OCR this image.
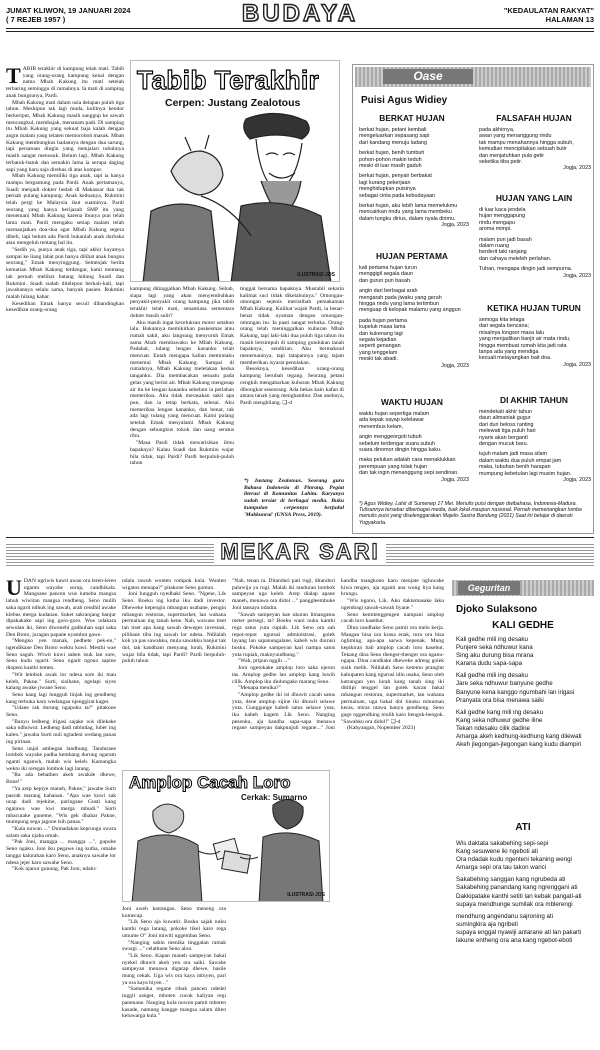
JUMAT KLIWON, 19 JANUARI 2024
( 7 REJEB 1957 )	BUDAYA	"KEDAULATAN RAKYAT"
HALAMAN 13
T ABIB terakhir di kampung telah mati. Tabib yang orang-orang kampung kenal dengan nama Mbah Kakung itu mati setelah terbaring seminggu di rumahnya. Ia mati di samping anak bungsunya, Pardi.

Mbah Kakung mati dalam usia delapan puluh tiga tahun. Meskipun tak lagi muda, kulitnya kendor berkeriput, Mbah Kakung masih sanggup ke sawah mencangkul, membajak, menanam padi. Di samping itu Mbah Kakung yang sekuat baja kalah dengan angin malam yang telaten memoroboh masuk. Mbah Kakung membungkus badannya dengan dua sarung, tapi persatuan dingin yang menjalari tubuhnya masih sangat menusuk. Belum lagi, Mbah Kakung terbatuk-batuk dan semakin lama ia serupa daging sapi yang baru saja direbus di atas kompor.

Mbah Kakung memiliki tiga anak, tapi ia hanya mampu bergantung pada Pardi. Anak pertamanya, Suadi menjadi dokter bedah di Makassar dan tak pernah pulang kampung. Anak keduanya, Rukmini telah pergi ke Malaysia ikut suaminya. Pardi seorang yang hanya berijazah SMP itu yang menemani Mbah Kakung karena ibunya pun telah lama mati. Pardi mengaku setiap malam telah memanjatkan doa-doa agar Mbah Kakung segera dibeli, tapi belum ada Pardi bukanlah anak durhaka atau mengeluh tentang hal itu.

"Sedih ya, punya anak tiga, tapi akhir hayatnya sampai ke liang lahat pun hanya dilihat anak bungsu seorang," Emak menyinggung. Semenjak berita kematian Mbah Kakung terdengar, kami memang tak pernah melihat batang hidung Suadi dan Rukmini. Suadi sudah ditelepon berkali-kali, tapi jawabannya selalu sama, banyak pasien. Rukmini malah hilang kabar.

Kesedihan Emak hanya secuil dibandingkan kesedihan orang-orang

Tabib Terakhir
Cerpen: Justang Zealotous
ILUSTRASI JOS

kampung ditinggalkan Mbah Kakung. Sebab, siapa lagi yang akan menyembuhkan penyakit-penyakit orang kampung jika tabib terakhir telah mati, senantiasa sementara dokter masih sulit?

Aku masih ingat keceluksan motor setahun lalu. Bukannya memikirkan puskesmas atau rumah sakit, aku langsung menyuruh Emak sama Abah membawaku ke Mbah Kakung. Padahal, tulang lengan kananku telah mencuat. Entah mengapa kalian memintaku menemui Mbah Kakung. Sampai di rumahnya, Mbah Kakung meletakan kedua tanganku. Dia membacakan sesuatu pada gelas yang berisi air. Mbah Kakung mengusap air itu ke lengan kananku sebelum ia perlahan memeriksa. Aku tidak merasakan sakit apa pun, dan ia tetap berkata, selesai. Aku memeriksa lengan kananku, dan benar, tak ada lagi tulang yang mencuat. Kami pulang setelah Emak menyalami Mbah Kakung dengan sebungkus rokok dan uang seratus ribu.

"Masa Pardi tidak mewarisikan ilmu bapaknya? Kalau Suadi dan Rukmini wajar bila tidak, tapi Pardi? Pardi berpuluh-puluh tahun

tinggal bersama bapaknya. Mustahil sekarin kalimat suci tidak diketahuinya." Omongan-omongan sejenis meristibah pemakaman Mbah Kakung. Kulihat wajah Pardi, ia benar-benar tidak nyaman dengan omongan-omongan itu. Ia pasti sangat terbuka. Orang-orang telah meninggalkan kuburan Mbah Kakung, tapi laki-laki dua puluh tiga tahun itu masih bersimpuh di samping gundukan tanah bapaknya, sendirian. Aku bermaksud menemaninya, tapi tatapannya yang tajam memberikan isyarat penolakan.

Besoknya, kesedihan orang-orang kampung berubah tegang. Seorang petani cengkih mengabarkan kuburan Mbah Kakung dibongkar seseorang. Ada bekas kain kafan di antara tanah yang menghambur. Dan anehnya, Pardi menghilang. ❑-d

*) Justang Zealotous. Seorang guru Bahasa Indonesia di Pinrang. Pegiat literasi di Komunitas Lahita. Karyanya sudah tersiar di berbagai media. Buku kumpulan cerpennya berjudul 'Makkunrai' (UNSA Press, 2019).
Oase
Puisi Agus Widiey
BERKAT HUJAN
berkat hujan, petani kembali
mengeluarkan sepasang sapi
dari kandang menuju ladang

berkat hujan, benih tumbuh
pohon-pohon makin teduh
meski di luar masih gaduh

berkat hujan, penyair berbakat
lagi kurang pekerjaan
menghidupkan puisinya
sebagai cinta pada kebudayaan

berkat hujan, aku lebih lama memelukmu
mencairkan rindu yang lama membeku
dalam tungku dirius, dalam nyala dirimu.
Jogja, 2023
FALSAFAH HUJAN
pada akhirnya,
awan yang menanggung rindu
tak mampu menahannya hingga subuh,
kemudian mencipitakan sebuah butir
dan menjatuhkan pula getir
seketika tiba petir.
Jogja, 2023
HUJAN YANG LAIN
di luar kaca jendela
hujan menggapung
rindu mengapu
aroma mimpi.

malam pun jadi basah
dalam ruang
berderit taki ranjang
dan cahaya meleleh perlahan.

Tuhan, mengapa dingin jadi sempurna.
Jogja, 2023
HUJAN PERTAMA
kali pertama hujan turun
menggigil segala daun
dan gurun pun basah.

angin dari berbagai arah
mengarah pada jiwaku yang gerah
hingga rindu yang lama tertimbun
menguap di kelopak malamu yang anggun

pada hujan pertama
kupeluk masa lama
dan kukenang lagi
segala kejadian
seperti genangan
yang tenggelam
meski tak abadi.
Jogja, 2023
KETIKA HUJAN TURUN
semoga kita tetaga
dari segala bencana;
misalnya longsor masa lalu
yang menjadikan banjir air mata rindu,
hingga membuat rumah kita jadi rata
tanpa ada yang mendiga
kecuali melayangkan bait doa.
Jogja, 2023
WAKTU HUJAN
waktu hujan sepertiga malam
ada kepak sayap kelelawar
menembus kelam,

angin menggeorgoti tubuh
sebelum terdengar suara subuh
suara dinomor dingin hingga kaku.

maka pelukan adalah cara menaklukkan
perempuan yang tolak hujan
dan tak ingin menanggung sepi sendirian.
Jogja, 2023
DI AKHIR TAHUN
mendekati akhir tahun
daun alimaniak gugur
dari duri beloss ranting
melewati tiga puluh hari
nyaris akan bergantí
dengan mucuk baru.

tujuh malam jadi masa silam
dalam waktu dua puluh empat jam
maka, tubuhan benih harapan
mumpung kebetulan lagi musim hujan.
Jogja, 2023
*) Agus Widiey. Lahir di Sumenep 17 Mei. Menulis puisi dengan dwibahasa, Indonesia-Madura. Tulisannya tersebar diberbagai media, baik lokal maupun nasional. Pernah memenangkan lomba menulis puisi yang diselenggarakan Majelis Sastra Bandung (2021) Saat ini belajar di daerah Yogyakarta.
MEKAR SARI
U DAN ngriwis kawit awan ora leren-leren ngantu wayahe surup, candhikala. Mangsane pancen wus lumebu mangsa labuh wiwitan mangsa rendheng. Seno mulih saka ngarit ndhuk ing sawah, arah cendhil awake klebus merga kudanan. Suket sakranjang banjur dipakakake sapi ing goro-goro. Wus udakara sewulan iki, Seno diwenehi gadhuhan sapi saka Den Broto, juragan papane nyambut gawe.

"Mengko yen manak, pedhete pek-en," ngendikane Den Broto wektu kuwi. Mesthi wae Seno saguh. Wiwit kuwi saben isuk lan sore, Seno kudu ngarit. Seno ngarit ngono sapine diopeni kanthi temen.

"Wit lembok awak lor ndesa sore iki mau keleb, Pakne." Surti, sisihane, ngelapi siyes kalang awake jiwane Seno.

Seno kang lagi lungguh linjak ing gendheng kang terbuka karo wedangan njenggirat kaget.

"Udane rak durung ngapoku ta?" pitakone Seno.

"Banyu ledheng irigasi sajake wis dilekake saka ndhuwur. Ledheng dadi mbludag, luber ing kalen." jawaba Surti nuli ngladeni wedang panas ing pirinan.

Seno unjal ambegan landhung. Tandurane lombok wayahe padha kembang durung ngaram nganti nganwh, malah wis keleb. Kamangka wektu iki reregan lombok lagi larang.

"Ra ada bebathen akeh awakde dhewe, Bune!"

"Ya arep kepiye maneh, Pakne," jawabe Surti pasrah marang kahanan. "Apa wae kuwi sak ucap dadi rejekine, paringane Gusti kang ngalawa wae kwi merga mbudi." Surti mbacutake guneme, "Wis gek dhahar Pakne, mumpung sega jagone isih panas."

"Kula nuwun ..." Dumadakan keprungu swara salam saka njaba omah.

"Pak Joni, mangga ... mangga ...", gupuhe Seno ngaku. Joni iku pegawe ing kutha, omahe tangga kalurahan karo Seno, anaknya sawahe lor ndesa jejer karo sawahe Seno.

"Kok njanur gunung, Pak Joni, ndalu-

ndalu rawuh wonten rompok kula. Wonten wigatos menapa?" pitakone Seno gumun.

Joni lungguh nyedhaki Seno. "Ngene, Lik Seno. Boeku ing kutha iku dadi investor. Dheweke kepengin mbangun usahane, pengin mbangun restoran, supermarket, lan wahana permainan ing tanah kene. Nah, wawase tiset lan tiset apa kang sawah deweges investasi, pilihane tiba ing sawah lor ndesa. Ndilalah kok ya pas sawahku, mula sawahku banjur tak dol, tak kandhani menyang lurah, Rukmini wajar bila tidak, tapi Pardi? Pardi berpuluh-puluh tahun

Amplop Cacah Loro
Cerkak: Sumarno
ILUSTRASI JOS

Joni aweh katrangan. Seno meneng ora kumecap.

"Lik Seno aja kuwatir. Bosku sajak nuku kanthi rega larang, pokoke tikel karo rega umume O" Joni miwiti nggembas Seno.

"Nanging sabin menika tinggalan ramak swargi ..." celathune Seno alon.

"Lik Seno. Kapan maneh sampeyan bakal nyekel dhuwit akeh yen ora saiki. Sawahe sampeyan menawa digarap dhewe, hasile mung cekak. Uga wis ora kaya mbiyen, pari ya ora kaya biyen .."

"Samenika regane ribuk pancen ndedel inggil sanget, mboten cucuk kaliyan regi panenane. Nanging kula nuwon pamit mboten kasade, namung kangge mangsa salam diten keluwarga kula."

"Nah, tenan ta. Ditanduri pari rugi, ditanduri palawija ya rugi. Malah iki tanduran lombok sampeyan uga keleb. Arep dialap apane maneh, menawa ora didol ..." panggleembuke Joni tansaya ndadra.

"Sawah sampeyan kae ukuran limangatus meter persegi, ta? Boeku wani nuku kanthi rega satus yuta rupiah. Lik Seno ora sah repot-repot ngurusi administrasi, golek layang lan sapanungalane, kabeh wis diurusi bosku. Pokoke sampeyan kari nampa satus yuta rupiah, maknyuudhung."

"Wah, pripun nggih ..."

Joni ngetokake amplop loro saka njeron tas. Amplop gedhe lan amplop kang luwih cilik. Amplop iku diulungake marang Seno.

"Menapa menika?"

"Amplop gedhe iki isi dhuwit cacah satus yuta, dene amplop sijine iki dhuwit selawe yuta. Gunggunge kabeh satus selawe yuta, iku kabeh kagem Lik Seno. Nanging pesenku, aja kandha sapa-sapa menawa regane sampeyan dakpunjuli regane..." Joni kandha mangkono karo menjate ngluwake kiwa tengen, aja nganti ana wong liya kang krungu.

"Wis ngono, Lik. Aku daktemasake laku ngembagi sawah-sawah liyane."

Seno kemitenggengen nampani amplop cacah loro kasebut.

Dina candhake Seno pamit ora melu kerja. Mangan bisa ora krasa enak, turu ora bisa ngliming, apa-apa sarwa kepenak. Mung kepikiran bab amplop cacah loro kasebut. Tekang dina Seno thenger-thenger ora nganu-ngapa. Dina candhake dheweke adreng golek sisik melik. Ndilalah Seno ketemu pranglut kabupaten kang ngurusi idin usaha, Seno oleh katrangan yen lurah kang tanah sing iki dititipi tenggel lan golek kacan bakal mbangun restoran, supermarket, lan wahana permainan, uga bakal dol tinuku minuman keras, miras utawa banyu gendheng. Seno gage nggendhing mulih karo bengok-bengok. "Sawahku ora didol!" ❑-d

(Kahyangan, Nopember 2023)

Geguritan
Djoko Sulaksono
KALI GEDHE
Kali gedhe mili ing desaku
Punjere seka ndhuwur kana
Sing aku durung bisa mrana
Karana dudu sapa-sapa

Kali gedhe mili ing desaku
Jare seka ndhuwur banyune gedhe
Banyune kena kanggo ngumbahi lan irigasi
Pranyata ora bisa menawa saiki

Kali gedhe kang mili ing desaku
Kang seka ndhuwur gedhe iline
Tekan ndesaku cilik dadine
Amarga akeh kedhung-kedhung kang dilewati
Akeh jlegongan-jlegongan kang kudu diampiri
ATI
Wis daktata sakabehing sepi-sepi
Kang sesuwene iki ngeboti ati
Ora ndadak kudu ngenteni tekaning wengi
Amarga sepi ora tau takon wanci

Sakabehing sanggan kang ngrubeda ati
Sakabehing panandang kang ngrenggani ati
Dakkipatake kanthi setiti lan kebak pangati-ati
supaya mendhunge sumilak ora mblerengi

mendhung angendanu sajroning ati
sumingkira aja ngribeti
supaya enggal nyawiji antarane ati lan pakarti
lakune entheng ora ana kang ngebot-eboti
